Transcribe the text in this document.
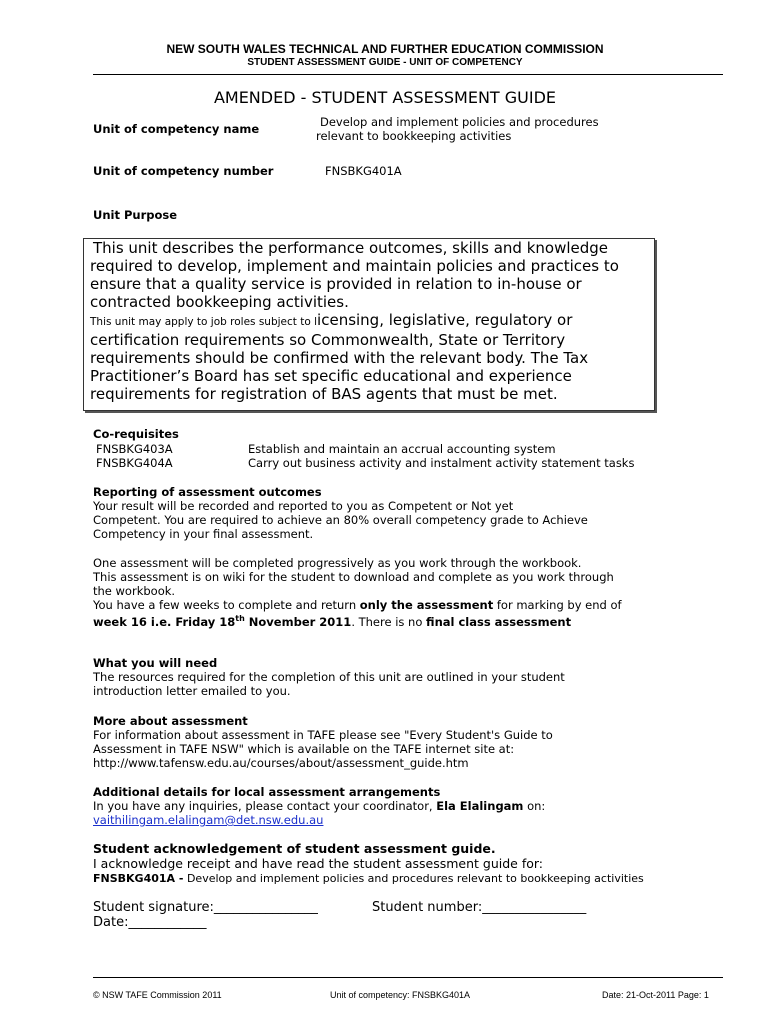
NEW SOUTH WALES TECHNICAL AND FURTHER EDUCATION COMMISSION
STUDENT ASSESSMENT GUIDE - UNIT OF COMPETENCY
AMENDED - STUDENT ASSESSMENT GUIDE
Unit of competency name	Develop and implement policies and procedures
relevant to bookkeeping activities
Unit of competency number	FNSBKG401A
Unit Purpose
This unit describes the performance outcomes, skills and knowledge
required to develop, implement and maintain policies and practices to
ensure that a quality service is provided in relation to in-house or
contracted bookkeeping activities.
This unit may apply to job roles subject to licensing, legislative, regulatory or
certification requirements so Commonwealth, State or Territory
requirements should be confirmed with the relevant body. The Tax
Practitioner’s Board has set specific educational and experience
requirements for registration of BAS agents that must be met.
Co-requisites
FNSBKG403A	Establish and maintain an accrual accounting system
FNSBKG404A	Carry out business activity and instalment activity statement tasks
Reporting of assessment outcomes
Your result will be recorded and reported to you as Competent or Not yet
Competent. You are required to achieve an 80% overall competency grade to Achieve
Competency in your final assessment.
One assessment will be completed progressively as you work through the workbook.
This assessment is on wiki for the student to download and complete as you work through
the workbook.
You have a few weeks to complete and return only the assessment for marking by end of
week 16 i.e. Friday 18th November 2011. There is no final class assessment
What you will need
The resources required for the completion of this unit are outlined in your student
introduction letter emailed to you.
More about assessment
For information about assessment in TAFE please see "Every Student's Guide to
Assessment in TAFE NSW" which is available on the TAFE internet site at:
http://www.tafensw.edu.au/courses/about/assessment_guide.htm
Additional details for local assessment arrangements
In you have any inquiries, please contact your coordinator, Ela Elalingam on:
vaithilingam.elalingam@det.nsw.edu.au
Student acknowledgement of student assessment guide.
I acknowledge receipt and have read the student assessment guide for:
FNSBKG401A - Develop and implement policies and procedures relevant to bookkeeping activities
Student signature:________________	Student number:________________
Date:____________
© NSW TAFE Commission 2011	Unit of competency: FNSBKG401A	Date: 21-Oct-2011 Page: 1
